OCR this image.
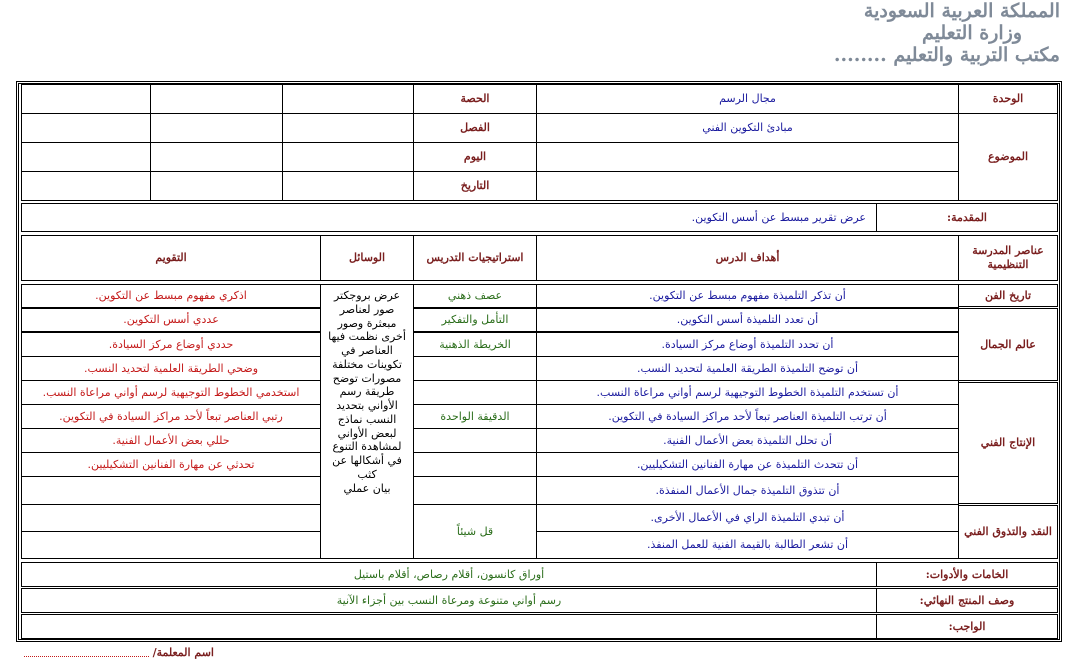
المملكة العربية السعودية
وزارة التعليم
مكتب التربية والتعليم ........
الوحدة
الموضوع
مجال الرسم
مبادئ التكوين الفني
الحصة
الفصل
اليوم
التاريخ
المقدمة:
عرض تقرير مبسط عن أسس التكوين.
عناصر المدرسة التنظيمية
أهداف الدرس
استراتيجيات التدريس
الوسائل
التقويم
تاريخ الفن
عالم الجمال
الإنتاج الفني
النقد والتذوق الفني
أن تذكر التلميذة مفهوم مبسط عن التكوين.
أن تعدد التلميذة أسس التكوين.
أن تحدد التلميذة أوضاع مركز السيادة.
أن توضح التلميذة الطريقة العلمية لتحديد النسب.
أن تستخدم التلميذة الخطوط التوجيهية لرسم أواني مراعاة النسب.
أن ترتب التلميذة العناصر تبعاً لأحد مراكز السيادة في التكوين.
أن تحلل التلميذة بعض الأعمال الفنية.
أن تتحدث التلميذة عن مهارة الفنانين التشكيليين.
أن تتذوق التلميذة جمال الأعمال المنفذة.
أن تبدي التلميذة الراي في الأعمال الأخرى.
أن تشعر الطالبة بالقيمة الفنية للعمل المنفذ.
عصف ذهني
التأمل والتفكير
الخريطة الذهنية
الدقيقة الواحدة
قل شيئاً
عرض بروجكتر
صور لعناصر
مبعثرة وصور
أخرى نظمت فيها
العناصر في
تكوينات مختلفة
مصورات توضح
طريقة رسم
الأواني بتحديد
النسب نماذج
لبعض الأواني
لمشاهدة التنوع
في أشكالها عن
كثب
بيان عملي
اذكري مفهوم مبسط عن التكوين.
عددي أسس التكوين.
حددي أوضاع مركز السيادة.
وضحي الطريقة العلمية لتحديد النسب.
استخدمي الخطوط التوجيهية لرسم أواني مراعاة النسب.
رتبي العناصر تبعاً لأحد مراكز السيادة في التكوين.
حللي بعض الأعمال الفنية.
تحدثي عن مهارة الفنانين التشكيليين.
الخامات والأدوات:
أوراق كانسون، أقلام رصاص، أقلام باستيل
وصف المنتج النهائي:
رسم أواني متنوعة ومرعاة النسب بين أجزاء الآنية
الواجب:
اسم المعلمة/
